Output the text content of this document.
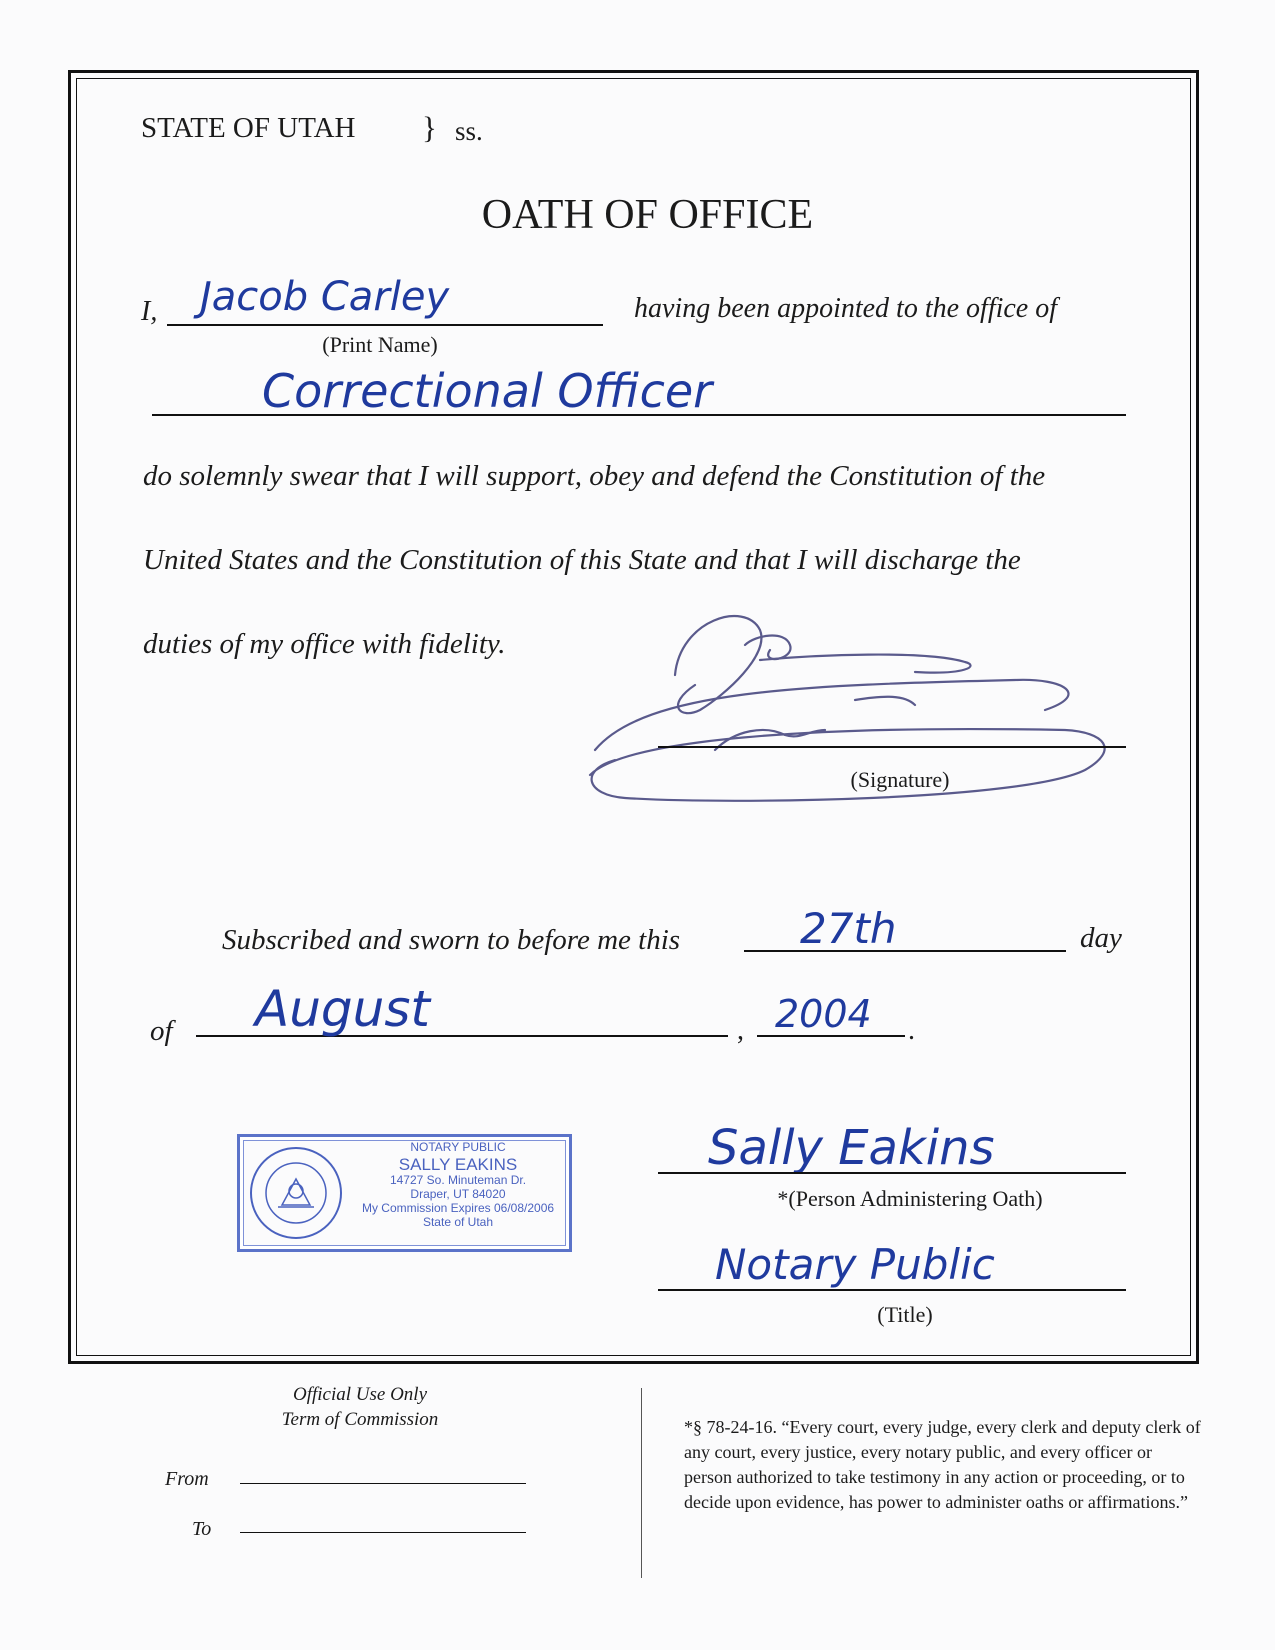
STATE OF UTAH } ss.
OATH OF OFFICE
I, Jacob Carley
(Print Name)
having been appointed to the office of
Correctional Officer
do solemnly swear that I will support, obey and defend the Constitution of the
United States and the Constitution of this State and that I will discharge the
duties of my office with fidelity.
(Signature)
Subscribed and sworn to before me this	27th	day
of August	, 2004 .
NOTARY PUBLIC
SALLY EAKINS
14727 So. Minuteman Dr.
Draper, UT 84020
My Commission Expires 06/08/2006
State of Utah
Sally Eakins
*(Person Administering Oath)
Notary Public
(Title)
Official Use Only
Term of Commission
From
To
*§ 78-24-16. “Every court, every judge, every clerk and deputy clerk of any court, every justice, every notary public, and every officer or person authorized to take testimony in any action or proceeding, or to decide upon evidence, has power to administer oaths or affirmations.”
